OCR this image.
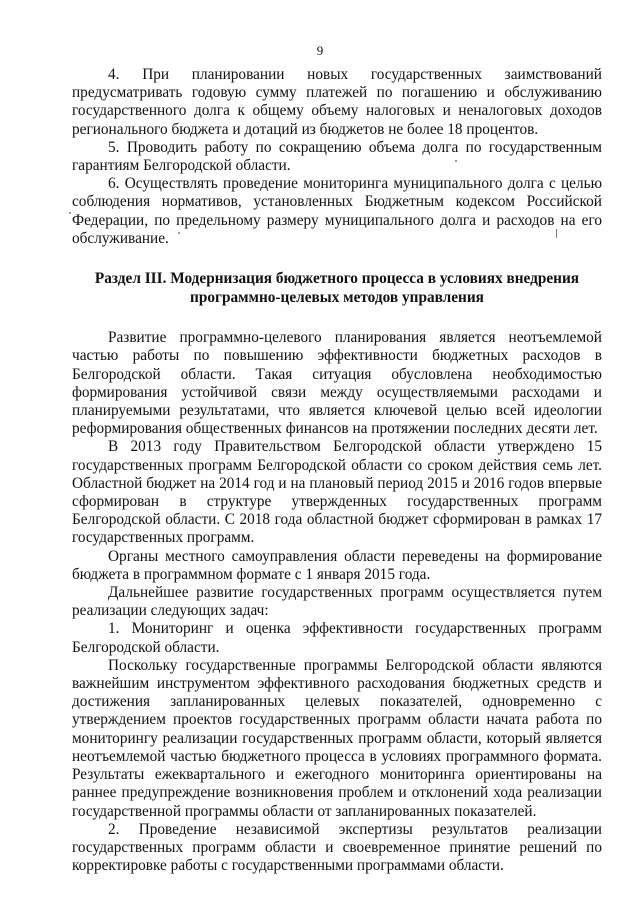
9

4. При планировании новых государственных заимствований предусматривать годовую сумму платежей по погашению и обслуживанию государственного долга к общему объему налоговых и неналоговых доходов регионального бюджета и дотаций из бюджетов не более 18 процентов.

5. Проводить работу по сокращению объема долга по государственным гарантиям Белгородской области.

6. Осуществлять проведение мониторинга муниципального долга с целью соблюдения нормативов, установленных Бюджетным кодексом Российской Федерации, по предельному размеру муниципального долга и расходов на его обслуживание.

Раздел III. Модернизация бюджетного процесса в условиях внедрения программно-целевых методов управления

Развитие программно-целевого планирования является неотъемлемой частью работы по повышению эффективности бюджетных расходов в Белгородской области. Такая ситуация обусловлена необходимостью формирования устойчивой связи между осуществляемыми расходами и планируемыми результатами, что является ключевой целью всей идеологии реформирования общественных финансов на протяжении последних десяти лет.

В 2013 году Правительством Белгородской области утверждено 15 государственных программ Белгородской области со сроком действия семь лет. Областной бюджет на 2014 год и на плановый период 2015 и 2016 годов впервые сформирован в структуре утвержденных государственных программ Белгородской области. С 2018 года областной бюджет сформирован в рамках 17 государственных программ.

Органы местного самоуправления области переведены на формирование бюджета в программном формате с 1 января 2015 года.

Дальнейшее развитие государственных программ осуществляется путем реализации следующих задач:

1. Мониторинг и оценка эффективности государственных программ Белгородской области.

Поскольку государственные программы Белгородской области являются важнейшим инструментом эффективного расходования бюджетных средств и достижения запланированных целевых показателей, одновременно с утверждением проектов государственных программ области начата работа по мониторингу реализации государственных программ области, который является неотъемлемой частью бюджетного процесса в условиях программного формата. Результаты ежеквартального и ежегодного мониторинга ориентированы на раннее предупреждение возникновения проблем и отклонений хода реализации государственной программы области от запланированных показателей.

2. Проведение независимой экспертизы результатов реализации государственных программ области и своевременное принятие решений по корректировке работы с государственными программами области.
